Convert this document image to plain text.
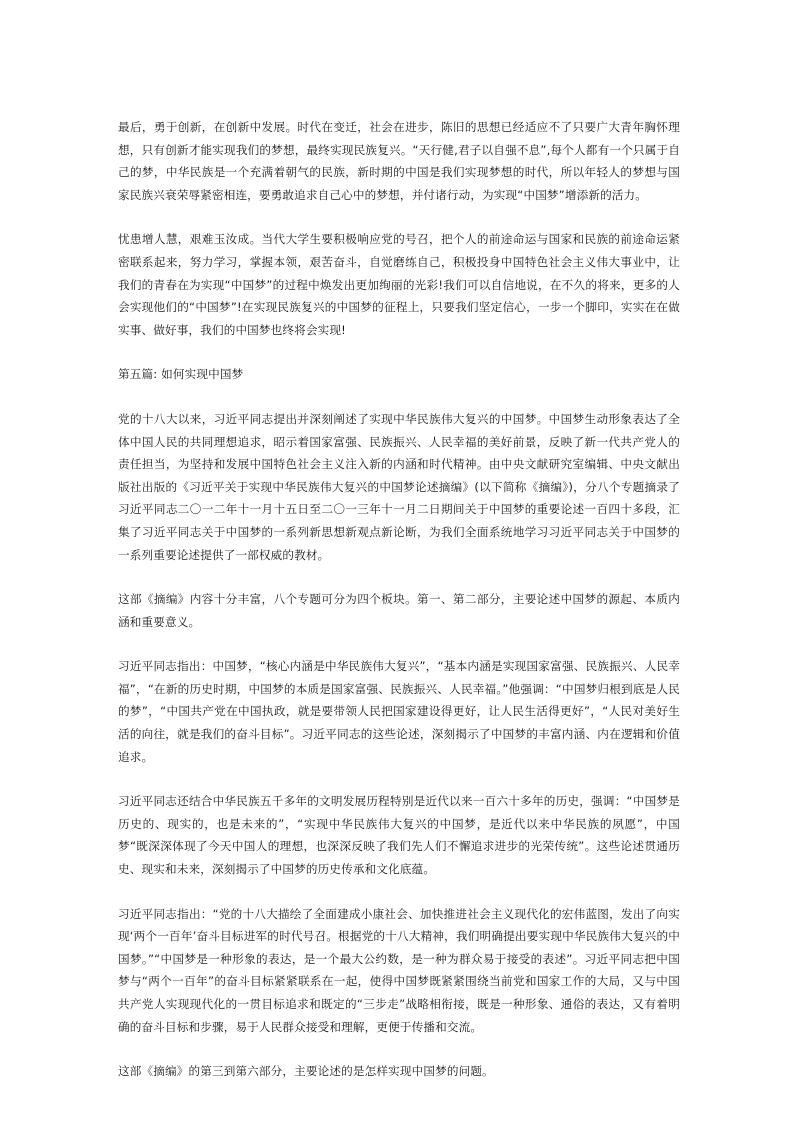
最后，勇于创新，在创新中发展。时代在变迁，社会在进步，陈旧的思想已经适应不了只要广大青年胸怀理想，只有创新才能实现我们的梦想，最终实现民族复兴。“天行健,君子以自强不息”,每个人都有一个只属于自己的梦，中华民族是一个充满着朝气的民族，新时期的中国是我们实现梦想的时代，所以年轻人的梦想与国家民族兴衰荣辱紧密相连，要勇敢追求自己心中的梦想，并付诸行动，为实现“中国梦”增添新的活力。

忧患增人慧，艰难玉汝成。当代大学生要积极响应党的号召，把个人的前途命运与国家和民族的前途命运紧密联系起来，努力学习，掌握本领，艰苦奋斗，自觉磨练自己，积极投身中国特色社会主义伟大事业中，让我们的青春在为实现“中国梦”的过程中焕发出更加绚丽的光彩!我们可以自信地说，在不久的将来，更多的人会实现他们的“中国梦”!在实现民族复兴的中国梦的征程上，只要我们坚定信心，一步一个脚印，实实在在做实事、做好事，我们的中国梦也终将会实现!

第五篇: 如何实现中国梦

党的十八大以来，习近平同志提出并深刻阐述了实现中华民族伟大复兴的中国梦。中国梦生动形象表达了全体中国人民的共同理想追求，昭示着国家富强、民族振兴、人民幸福的美好前景，反映了新一代共产党人的责任担当，为坚持和发展中国特色社会主义注入新的内涵和时代精神。由中央文献研究室编辑、中央文献出版社出版的《习近平关于实现中华民族伟大复兴的中国梦论述摘编》(以下简称《摘编》)，分八个专题摘录了习近平同志二〇一二年十一月十五日至二〇一三年十一月二日期间关于中国梦的重要论述一百四十多段，汇集了习近平同志关于中国梦的一系列新思想新观点新论断，为我们全面系统地学习习近平同志关于中国梦的一系列重要论述提供了一部权威的教材。

这部《摘编》内容十分丰富，八个专题可分为四个板块。第一、第二部分，主要论述中国梦的源起、本质内涵和重要意义。

习近平同志指出：中国梦，“核心内涵是中华民族伟大复兴”，“基本内涵是实现国家富强、民族振兴、人民幸福”，“在新的历史时期，中国梦的本质是国家富强、民族振兴、人民幸福。”他强调：“中国梦归根到底是人民的梦”，“中国共产党在中国执政，就是要带领人民把国家建设得更好，让人民生活得更好”，“人民对美好生活的向往，就是我们的奋斗目标”。习近平同志的这些论述，深刻揭示了中国梦的丰富内涵、内在逻辑和价值追求。

习近平同志还结合中华民族五千多年的文明发展历程特别是近代以来一百六十多年的历史，强调：“中国梦是历史的、现实的，也是未来的”，“实现中华民族伟大复兴的中国梦，是近代以来中华民族的夙愿”，中国梦“既深深体现了今天中国人的理想，也深深反映了我们先人们不懈追求进步的光荣传统”。这些论述贯通历史、现实和未来，深刻揭示了中国梦的历史传承和文化底蕴。

习近平同志指出：“党的十八大描绘了全面建成小康社会、加快推进社会主义现代化的宏伟蓝图，发出了向实现‘两个一百年’奋斗目标进军的时代号召。根据党的十八大精神，我们明确提出要实现中华民族伟大复兴的中国梦。”“中国梦是一种形象的表达，是一个最大公约数，是一种为群众易于接受的表述”。习近平同志把中国梦与“两个一百年”的奋斗目标紧紧联系在一起，使得中国梦既紧紧围绕当前党和国家工作的大局，又与中国共产党人实现现代化的一贯目标追求和既定的“三步走”战略相衔接，既是一种形象、通俗的表达，又有着明确的奋斗目标和步骤，易于人民群众接受和理解，更便于传播和交流。

这部《摘编》的第三到第六部分，主要论述的是怎样实现中国梦的问题。
